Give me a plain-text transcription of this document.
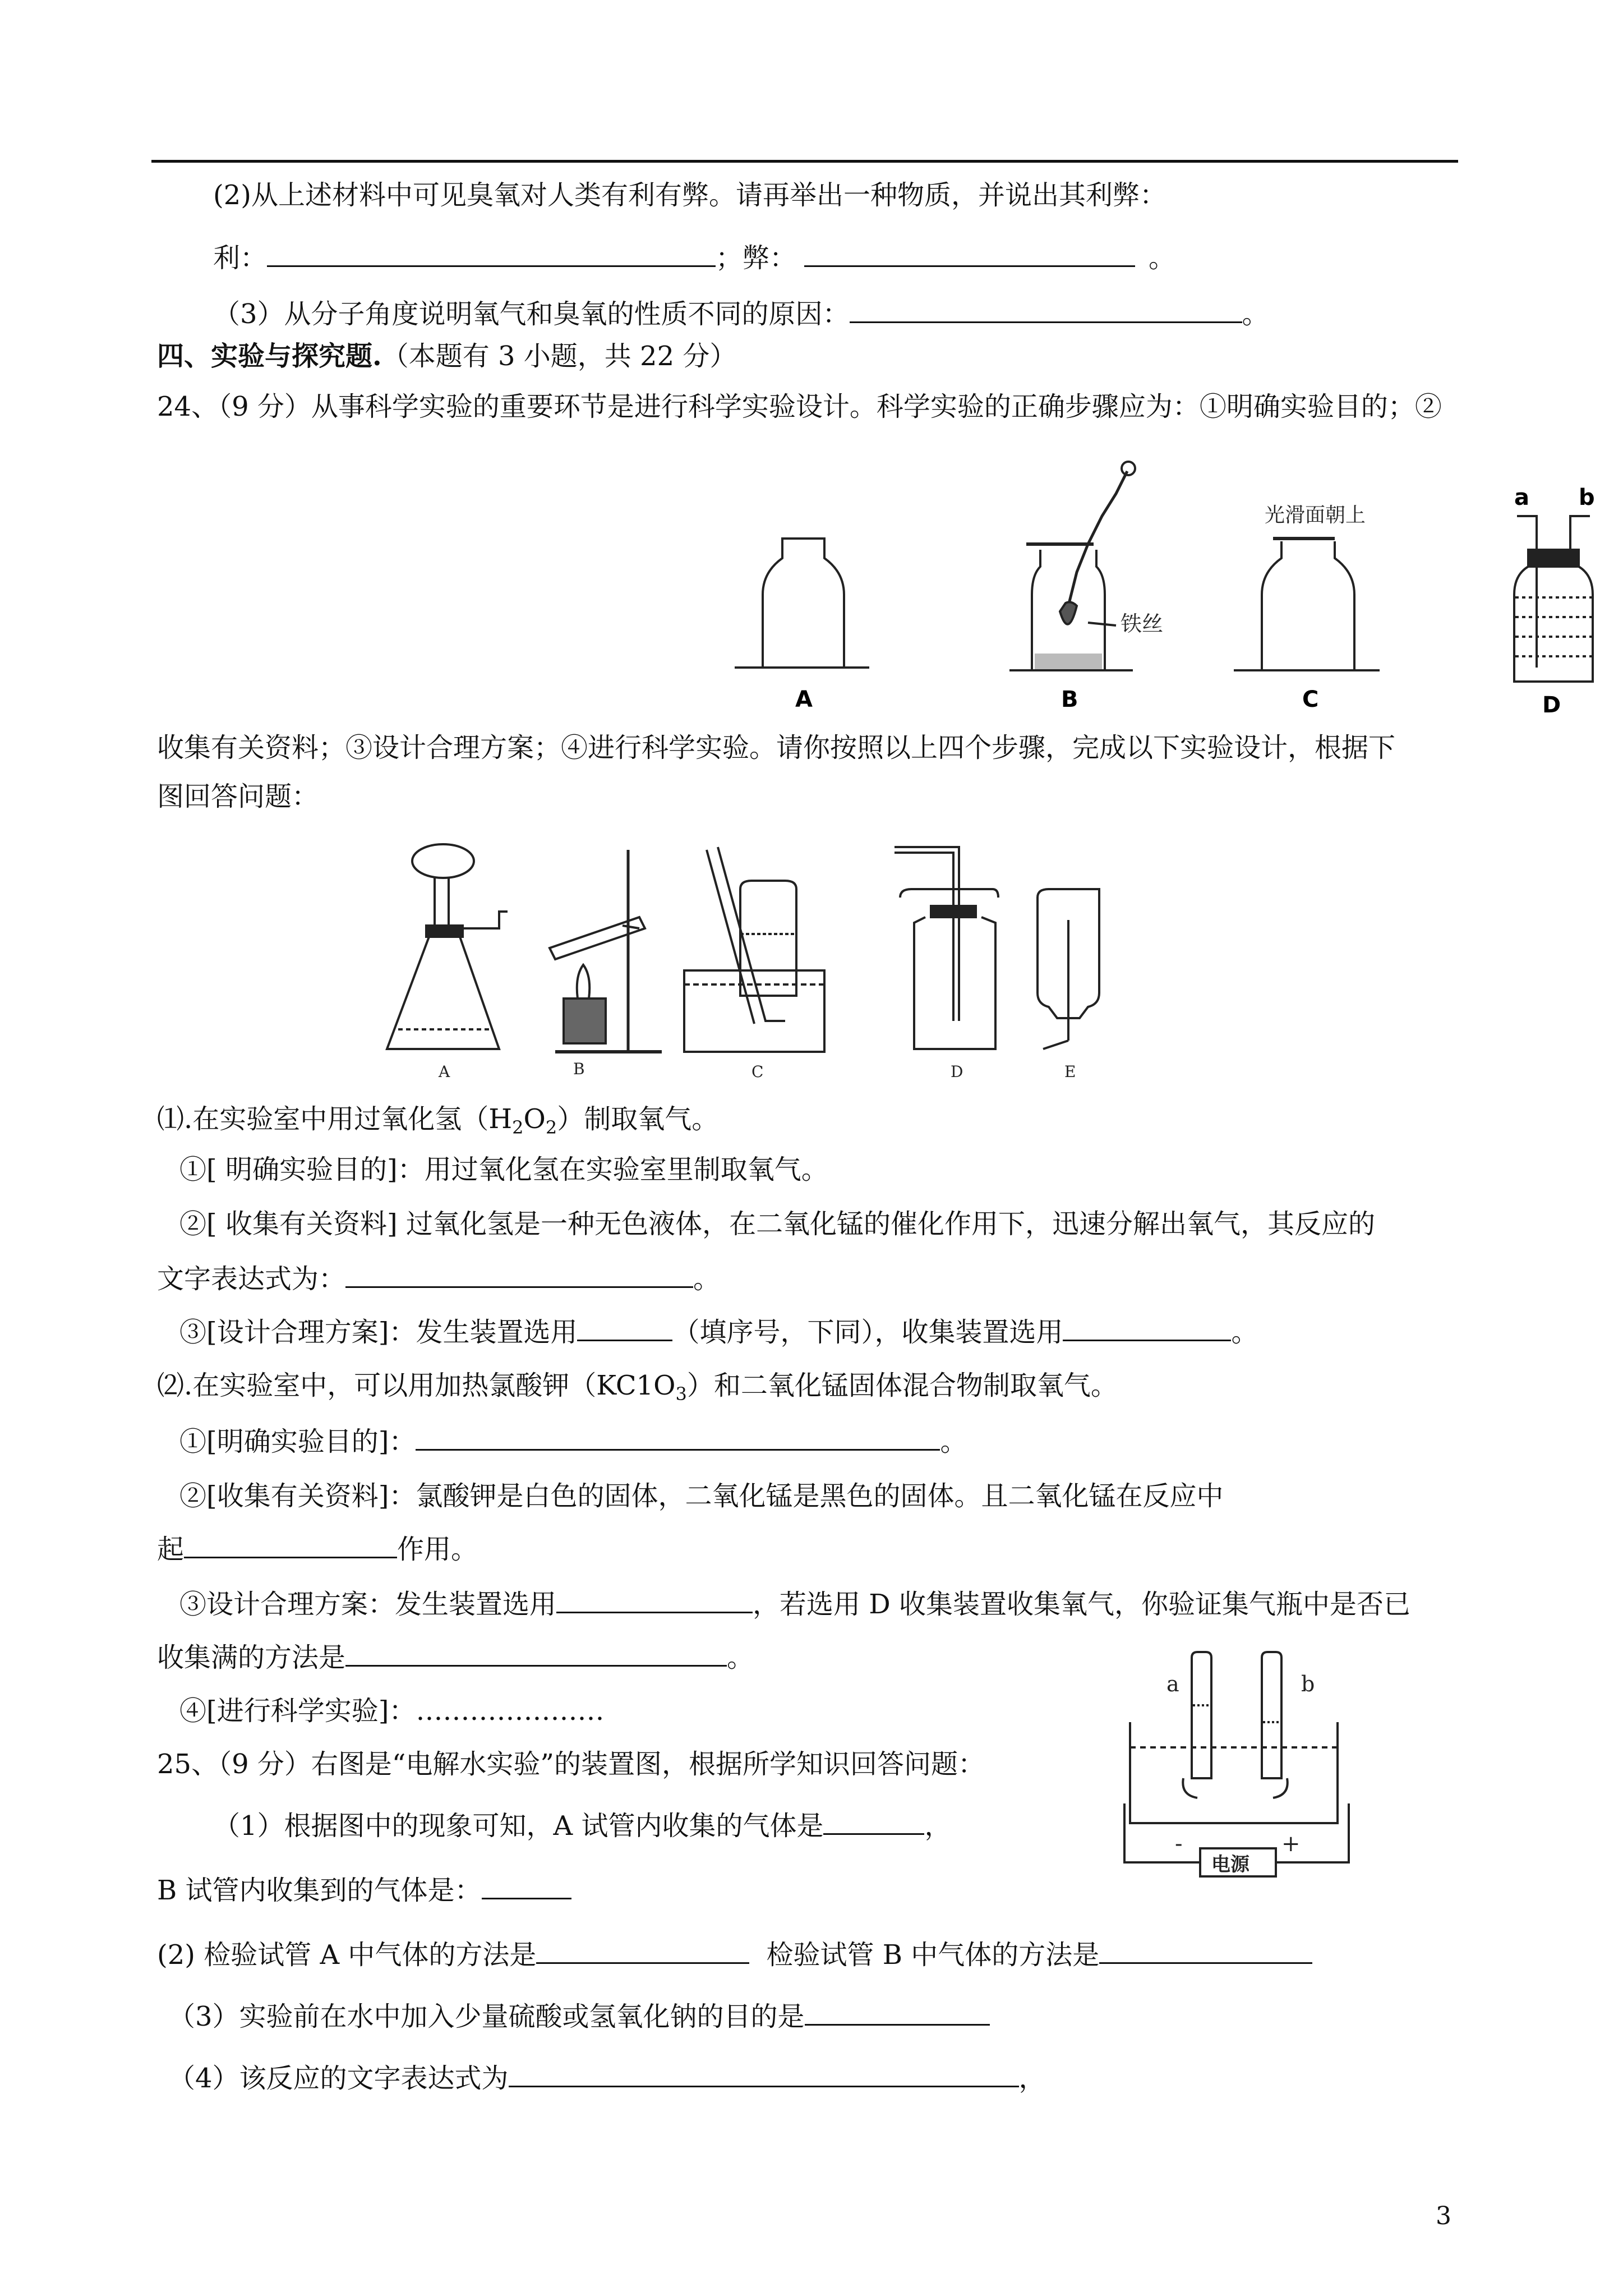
(2)从上述材料中可见臭氧对人类有利有弊。请再举出一种物质，并说出其利弊：
利：	；弊：	。
（3）从分子角度说明氧气和臭氧的性质不同的原因：	。
四、实验与探究题.（本题有 3 小题，共 22 分）
24、（9 分）从事科学实验的重要环节是进行科学实验设计。科学实验的正确步骤应为：①明确实验目的；②
铁丝
光滑面朝上
A	B	C
a b
D
收集有关资料；③设计合理方案；④进行科学实验。请你按照以上四个步骤，完成以下实验设计，根据下
图回答问题：
A	B	C	D	E
⑴.在实验室中用过氧化氢$(H_2O_2)$制取氧气。
①[ 明确实验目的]：用过氧化氢在实验室里制取氧气。
②[ 收集有关资料] 过氧化氢是一种无色液体，在二氧化锰的催化作用下，迅速分解出氧气，其反应的
文字表达式为：	。
③[设计合理方案]：发生装置选用	（填序号，下同），收集装置选用	。
⑵.在实验室中，可以用加热氯酸钾$(KC1O_3)$和二氧化锰固体混合物制取氧气。
①[明确实验目的]：	。
②[收集有关资料]：氯酸钾是白色的固体，二氧化锰是黑色的固体。且二氧化锰在反应中
起	作用。
③设计合理方案：发生装置选用	，若选用 D 收集装置收集氧气，你验证集气瓶中是否已
收集满的方法是	。
④[进行科学实验]：…………………
a	b
-
电源
+
25、（9 分）右图是“电解水实验”的装置图，根据所学知识回答问题：
（1）根据图中的现象可知，A 试管内收集的气体是	，
B 试管内收集到的气体是：
(2) 检验试管 A 中气体的方法是	检验试管 B 中气体的方法是
（3）实验前在水中加入少量硫酸或氢氧化钠的目的是
（4）该反应的文字表达式为	，
3
